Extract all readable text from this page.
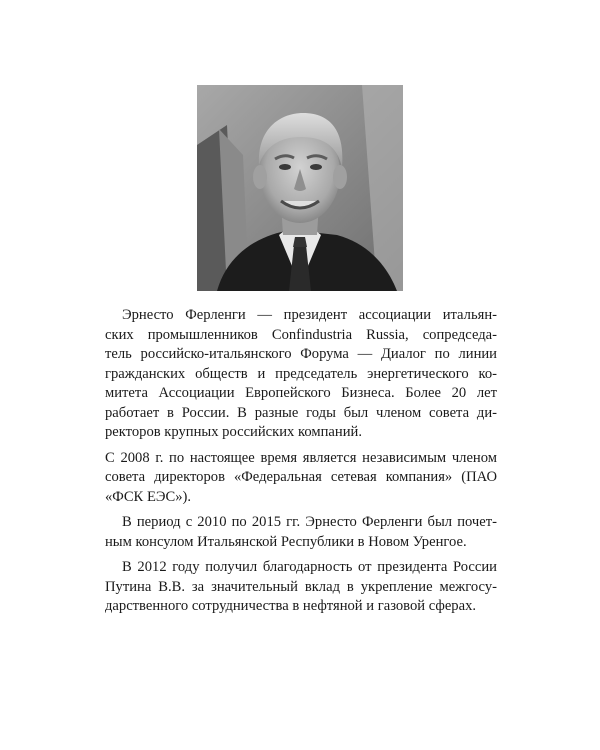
Эрнесто Ферленги — президент ассоциации итальян-
ских промышленников Confindustria Russia, сопредседа-
тель российско-итальянского Форума — Диалог по линии
гражданских обществ и председатель энергетического ко-
митета Ассоциации Европейского Бизнеса. Более 20 лет
работает в России. В разные годы был членом совета ди-
ректоров крупных российских компаний.
С 2008 г. по настоящее время является независимым членом
совета директоров «Федеральная сетевая компания» (ПАО
«ФСК ЕЭС»).
В период с 2010 по 2015 гг. Эрнесто Ферленги был почет-
ным консулом Итальянской Республики в Новом Уренгое.
В 2012 году получил благодарность от президента России
Путина В.В. за значительный вклад в укрепление межгосу-
дарственного сотрудничества в нефтяной и газовой сферах.
